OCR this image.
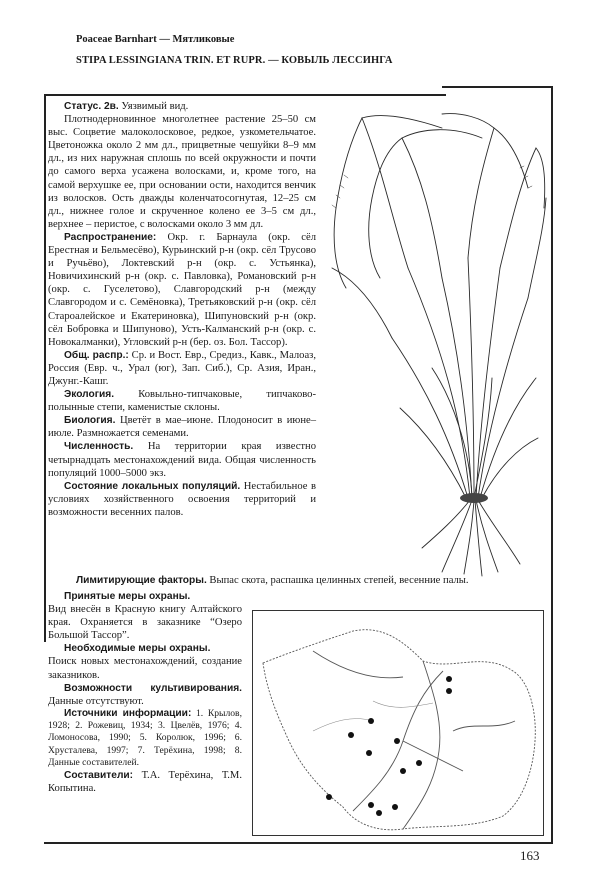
Poaceae Barnhart — Мятликовые
STIPA LESSINGIANA TRIN. ET RUPR. — КОВЫЛЬ ЛЕССИНГА

Статус. 2в. Уязвимый вид.

Плотнодерновинное многолетнее растение 25–50 см выс. Соцветие малоколосковое, редкое, узкометельчатое. Цветоножка около 2 мм дл., прицветные чешуйки 8–9 мм дл., из них наружная сплошь по всей окружности и почти до самого верха усажена волосками, и, кроме того, на самой верхушке ее, при основании ости, находится венчик из волосков. Ость дважды коленчатосогнутая, 12–25 см дл., нижнее голое и скрученное колено ее 3–5 см дл., верхнее – перистое, с волосками около 3 мм дл.

Распространение: Окр. г. Барнаула (окр. сёл Ерестная и Бельмесёво), Курьинский р-н (окр. сёл Трусово и Ручьёво), Локтевский р-н (окр. с. Устьянка), Новичихинский р-н (окр. с. Павловка), Романовский р-н (окр. с. Гуселетово), Славгородский р-н (между Славгородом и с. Семёновка), Третьяковский р-н (окр. сёл Староалейское и Екатериновка), Шипуновский р-н (окр. сёл Бобровка и Шипуново), Усть-Калманский р-н (окр. с. Новокалманки), Угловский р-н (бер. оз. Бол. Тассор).

Общ. распр.: Ср. и Вост. Евр., Средиз., Кавк., Малоаз, Россия (Евр. ч., Урал (юг), Зап. Сиб.), Ср. Азия, Иран., Джунг.-Кашг.

Экология. Ковыльно-типчаковые, типчаково-полынные степи, каменистые склоны.

Биология. Цветёт в мае–июне. Плодоносит в июне–июле. Размножается семенами.

Численность. На территории края известно четырнадцать местонахождений вида. Общая численность популяций 1000–5000 экз.

Состояние локальных популяций. Нестабильное в условиях хозяйственного освоения территорий и возможности весенних палов.

Лимитирующие факторы. Выпас скота, распашка целинных степей, весенние палы.

Принятые меры охраны.

Вид внесён в Красную книгу Алтайского края. Охраняется в заказнике “Озеро Большой Тассор”.

Необходимые меры охраны.

Поиск новых местонахождений, создание заказников.

Возможности культивирования. Данные отсутствуют.

Источники информации: 1. Крылов, 1928; 2. Рожевиц, 1934; 3. Цвелёв, 1976; 4. Ломоносова, 1990; 5. Королюк, 1996; 6. Хрусталева, 1997; 7. Терёхина, 1998; 8. Данные составителей.

Составители: Т.А. Терёхина, Т.М. Копытина.

163
